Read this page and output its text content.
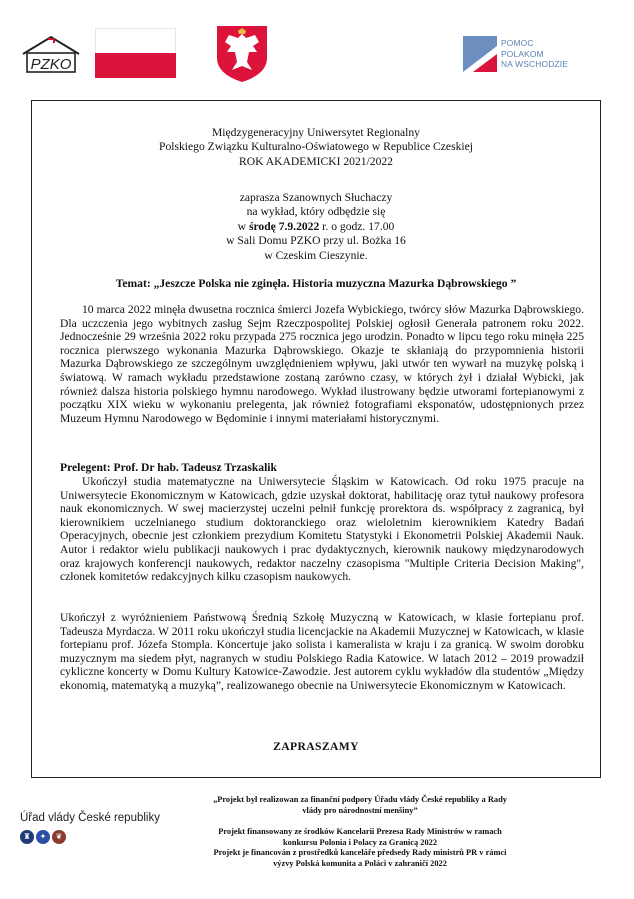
PZKO
POMOC
POLAKOM
NA WSCHODZIE
Międzygeneracyjny Uniwersytet Regionalny
Polskiego Związku Kulturalno-Oświatowego w Republice Czeskiej
ROK AKADEMICKI 2021/2022
zaprasza Szanownych Słuchaczy
na wykład, który odbędzie się
w środę 7.9.2022 r. o godz. 17.00
w Sali Domu PZKO przy ul. Bożka 16
w Czeskim Cieszynie.
Temat: „Jeszcze Polska nie zginęła. Historia muzyczna Mazurka Dąbrowskiego ”
10 marca 2022 minęła dwusetna rocznica śmierci Jozefa Wybickiego, twórcy słów Mazurka Dąbrowskiego. Dla uczczenia jego wybitnych zasług Sejm Rzeczpospolitej Polskiej ogłosił Generała patronem roku 2022. Jednocześnie 29 września 2022 roku przypada 275 rocznica jego urodzin. Ponadto w lipcu tego roku minęła 225 rocznica pierwszego wykonania Mazurka Dąbrowskiego. Okazje te skłaniają do przypomnienia historii Mazurka Dąbrowskiego ze szczególnym uwzględnieniem wpływu, jaki utwór ten wywarł na muzykę polską i światową. W ramach wykładu przedstawione zostaną zarówno czasy, w których żył i działał Wybicki, jak również dalsza historia polskiego hymnu narodowego. Wykład ilustrowany będzie utworami fortepianowymi z początku XIX wieku w wykonaniu prelegenta, jak również fotografiami eksponatów, udostępnionych przez Muzeum Hymnu Narodowego w Będominie i innymi materiałami historycznymi.
Prelegent: Prof. Dr hab. Tadeusz Trzaskalik
Ukończył studia matematyczne na Uniwersytecie Śląskim w Katowicach. Od roku 1975 pracuje na Uniwersytecie Ekonomicznym w Katowicach, gdzie uzyskał doktorat, habilitację oraz tytuł naukowy profesora nauk ekonomicznych. W swej macierzystej uczelni pełnił funkcję prorektora ds. współpracy z zagranicą, był kierownikiem uczelnianego studium doktoranckiego oraz wieloletnim kierownikiem Katedry Badań Operacyjnych, obecnie jest członkiem prezydium Komitetu Statystyki i Ekonometrii Polskiej Akademii Nauk. Autor i redaktor wielu publikacji naukowych i prac dydaktycznych, kierownik naukowy międzynarodowych oraz krajowych konferencji naukowych, redaktor naczelny czasopisma "Multiple Criteria Decision Making", członek komitetów redakcyjnych kilku czasopism naukowych.
Ukończył z wyróżnieniem Państwową Średnią Szkołę Muzyczną w Katowicach, w klasie fortepianu prof. Tadeusza Myrdacza. W 2011 roku ukończył studia licencjackie na Akademii Muzycznej w Katowicach, w klasie fortepianu prof. Józefa Stompla. Koncertuje jako solista i kameralista w kraju i za granicą. W swoim dorobku muzycznym ma siedem płyt, nagranych w studiu Polskiego Radia Katowice. W latach 2012 – 2019 prowadził cykliczne koncerty w Domu Kultury Katowice-Zawodzie. Jest autorem cyklu wykładów dla studentów „Między ekonomią, matematyką a muzyką”, realizowanego obecnie na Uniwersytecie Ekonomicznym w Katowicach.
ZAPRASZAMY
Úřad vlády České republiky
♜	✦	❦
„Projekt był realizowan za finanční podpory Úřadu vlády České republiky a Rady
vlády pro národnostní menšiny”
Projekt finansowany ze środków Kancelarii Prezesa Rady Ministrów w ramach
konkursu Polonia i Polacy za Granicą 2022
Projekt je financován z prostředků kanceláře předsedy Rady ministrů PR v rámci
výzvy Polská komunita a Poláci v zahraničí 2022
